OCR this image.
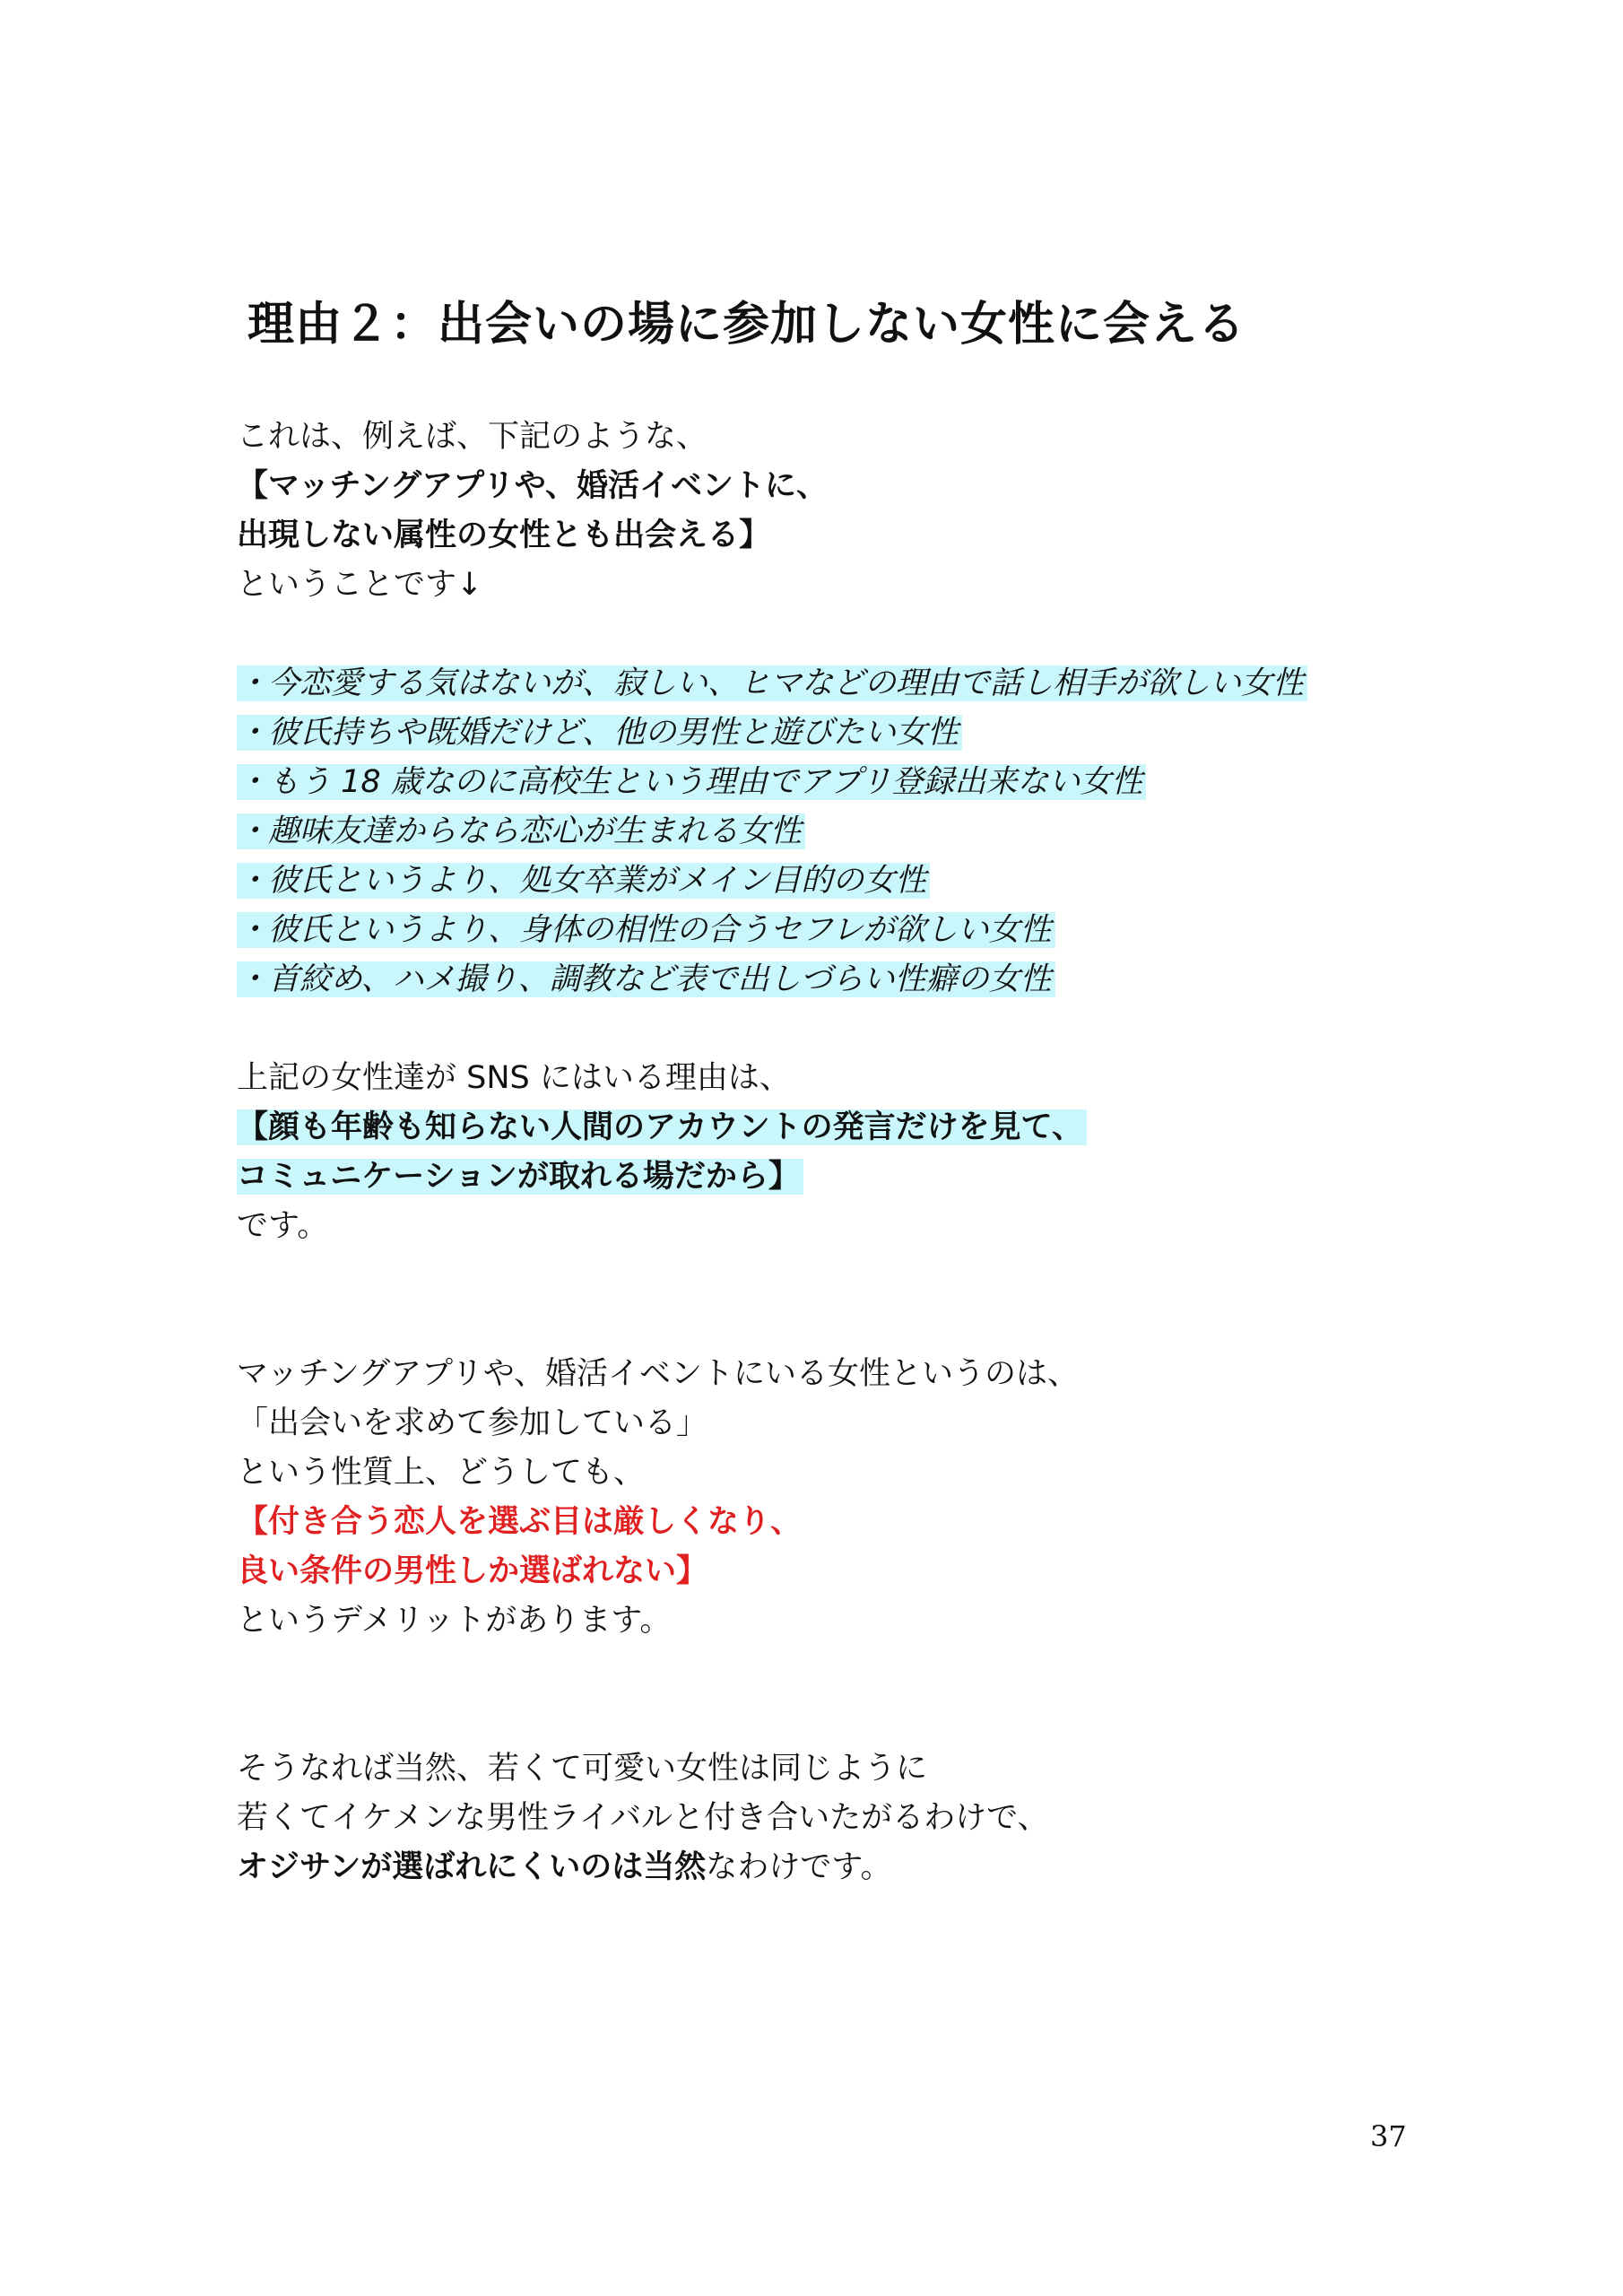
理由２：出会いの場に参加しない女性に会える
これは、例えば、下記のような、
【マッチングアプリや、婚活イベントに、
出現しない属性の女性とも出会える】
ということです↓
・今恋愛する気はないが、寂しい、ヒマなどの理由で話し相手が欲しい女性
・彼氏持ちや既婚だけど、他の男性と遊びたい女性
・もう 18 歳なのに高校生という理由でアプリ登録出来ない女性
・趣味友達からなら恋心が生まれる女性
・彼氏というより、処女卒業がメイン目的の女性
・彼氏というより、身体の相性の合うセフレが欲しい女性
・首絞め、ハメ撮り、調教など表で出しづらい性癖の女性
上記の女性達が SNS にはいる理由は、
【顔も年齢も知らない人間のアカウントの発言だけを見て、
コミュニケーションが取れる場だから】
です。
マッチングアプリや、婚活イベントにいる女性というのは、
「出会いを求めて参加している」
という性質上、どうしても、
【付き合う恋人を選ぶ目は厳しくなり、
良い条件の男性しか選ばれない】
というデメリットがあります。
そうなれば当然、若くて可愛い女性は同じように
若くてイケメンな男性ライバルと付き合いたがるわけで、
オジサンが選ばれにくいのは当然なわけです。
37
